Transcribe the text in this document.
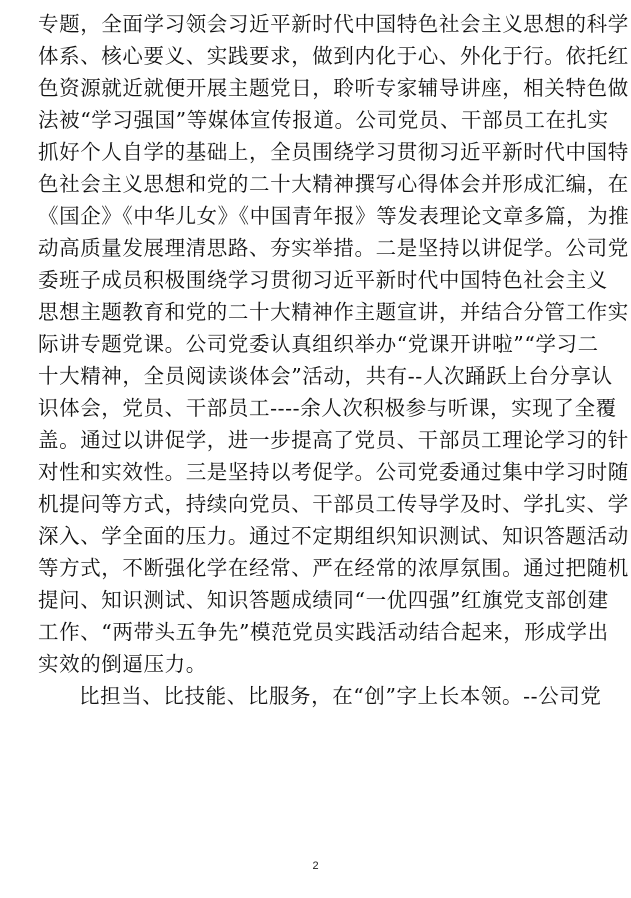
专题，全面学习领会习近平新时代中国特色社会主义思想的科学
体系、核心要义、实践要求，做到内化于心、外化于行。依托红
色资源就近就便开展主题党日，聆听专家辅导讲座，相关特色做
法被“学习强国”等媒体宣传报道。公司党员、干部员工在扎实
抓好个人自学的基础上，全员围绕学习贯彻习近平新时代中国特
色社会主义思想和党的二十大精神撰写心得体会并形成汇编，在
《国企》《中华儿女》《中国青年报》等发表理论文章多篇，为推
动高质量发展理清思路、夯实举措。二是坚持以讲促学。公司党
委班子成员积极围绕学习贯彻习近平新时代中国特色社会主义
思想主题教育和党的二十大精神作主题宣讲，并结合分管工作实
际讲专题党课。公司党委认真组织举办“党课开讲啦”“学习二
十大精神，全员阅读谈体会”活动，共有--人次踊跃上台分享认
识体会，党员、干部员工----余人次积极参与听课，实现了全覆
盖。通过以讲促学，进一步提高了党员、干部员工理论学习的针
对性和实效性。三是坚持以考促学。公司党委通过集中学习时随
机提问等方式，持续向党员、干部员工传导学及时、学扎实、学
深入、学全面的压力。通过不定期组织知识测试、知识答题活动
等方式，不断强化学在经常、严在经常的浓厚氛围。通过把随机
提问、知识测试、知识答题成绩同“一优四强”红旗党支部创建
工作、“两带头五争先”模范党员实践活动结合起来，形成学出
实效的倒逼压力。
比担当、比技能、比服务，在“创”字上长本领。--公司党
2
